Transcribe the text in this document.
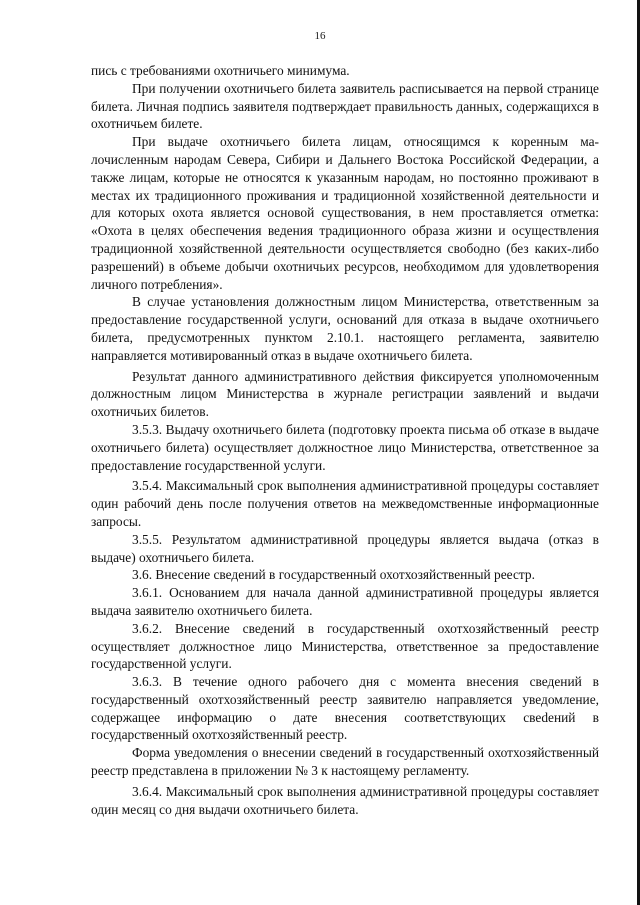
16

пись с требованиями охотничьего минимума.

При получении охотничьего билета заявитель расписывается на первой странице билета. Личная подпись заявителя подтверждает правильность данных, содержащихся в охотничьем билете.

При выдаче охотничьего билета лицам, относящимся к коренным малочисленным народам Севера, Сибири и Дальнего Востока Российской Федерации, а также лицам, которые не относятся к указанным народам, но постоянно проживают в местах их традиционного проживания и традиционной хозяйственной деятельности и для которых охота является основой существования, в нем проставляется отметка: «Охота в целях обеспечения ведения традиционного образа жизни и осуществления традиционной хозяйственной деятельности осуществляется свободно (без каких-либо разрешений) в объеме добычи охотничьих ресурсов, необходимом для удовлетворения личного потребления».

В случае установления должностным лицом Министерства, ответственным за предоставление государственной услуги, оснований для отказа в выдаче охотничьего билета, предусмотренных пунктом 2.10.1. настоящего регламента, заявителю направляется мотивированный отказ в выдаче охотничьего билета.

Результат данного административного действия фиксируется уполномоченным должностным лицом Министерства в журнале регистрации заявлений и выдачи охотничьих билетов.

3.5.3. Выдачу охотничьего билета (подготовку проекта письма об отказе в выдаче охотничьего билета) осуществляет должностное лицо Министерства, ответственное за предоставление государственной услуги.

3.5.4. Максимальный срок выполнения административной процедуры составляет один рабочий день после получения ответов на межведомственные информационные запросы.

3.5.5. Результатом административной процедуры является выдача (отказ в выдаче) охотничьего билета.

3.6. Внесение сведений в государственный охотхозяйственный реестр.

3.6.1. Основанием для начала данной административной процедуры является выдача заявителю охотничьего билета.

3.6.2. Внесение сведений в государственный охотхозяйственный реестр осуществляет должностное лицо Министерства, ответственное за предоставление государственной услуги.

3.6.3. В течение одного рабочего дня с момента внесения сведений в государственный охотхозяйственный реестр заявителю направляется уведомление, содержащее информацию о дате внесения соответствующих свеdений в государственный охотхозяйственный реестр.

Форма уведомления о внесении сведений в государственный охотхозяйственный реестр представлена в приложении № 3 к настоящему регламенту.

3.6.4. Максимальный срок выполнения административной процедуры составляет один месяц со дня выдачи охотничьего билета.
